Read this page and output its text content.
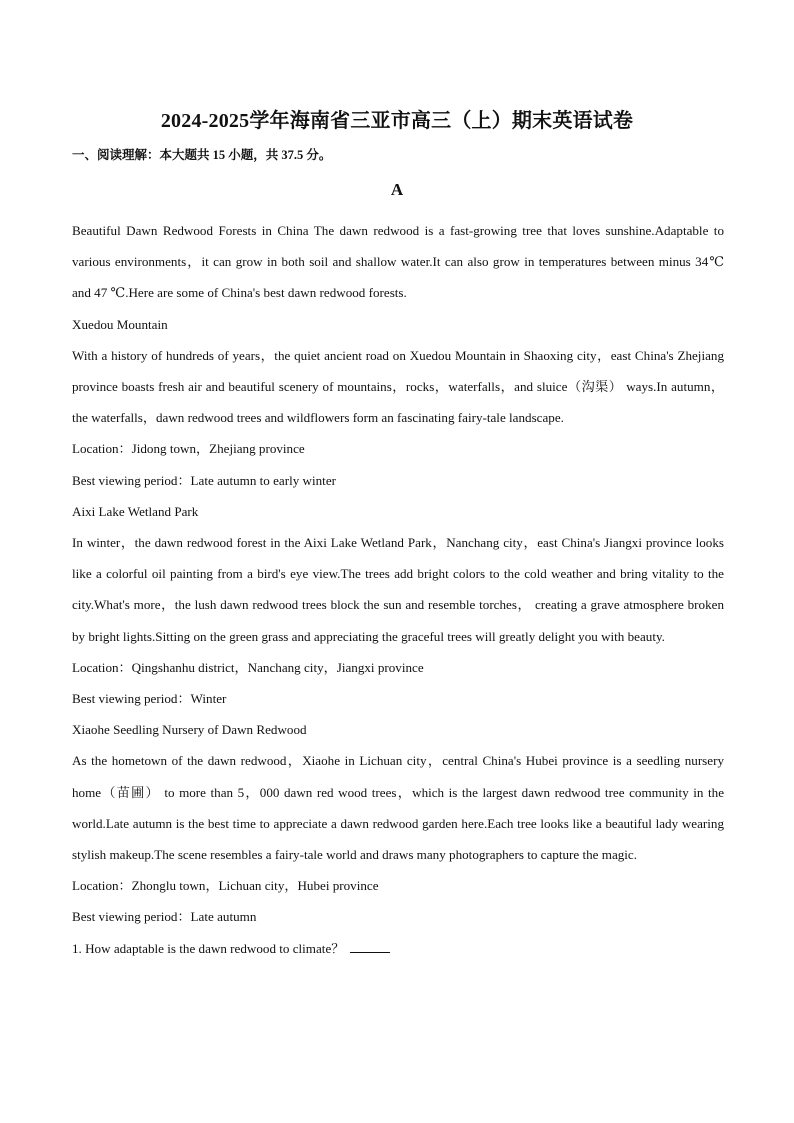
2024-2025学年海南省三亚市高三（上）期末英语试卷
一、阅读理解：本大题共 15 小题，共 37.5 分。
A

Beautiful Dawn Redwood Forests in China The dawn redwood is a fast-growing tree that loves sunshine.Adaptable to various environments，it can grow in both soil and shallow water.It can also grow in temperatures between minus 34℃ and 47 ℃.Here are some of China's best dawn redwood forests.

Xuedou Mountain

With a history of hundreds of years，the quiet ancient road on Xuedou Mountain in Shaoxing city，east China's Zhejiang province boasts fresh air and beautiful scenery of mountains，rocks，waterfalls，and sluice（沟渠） ways.In autumn，the waterfalls，dawn redwood trees and wildflowers form an fascinating fairy-tale landscape.

Location：Jidong town，Zhejiang province

Best viewing period：Late autumn to early winter

Aixi Lake Wetland Park

In winter，the dawn redwood forest in the Aixi Lake Wetland Park，Nanchang city，east China's Jiangxi province looks like a colorful oil painting from a bird's eye view.The trees add bright colors to the cold weather and bring vitality to the city.What's more，the lush dawn redwood trees block the sun and resemble torches， creating a grave atmosphere broken by bright lights.Sitting on the green grass and appreciating the graceful trees will greatly delight you with beauty.

Location：Qingshanhu district，Nanchang city，Jiangxi province

Best viewing period：Winter

Xiaohe Seedling Nursery of Dawn Redwood

As the hometown of the dawn redwood，Xiaohe in Lichuan city，central China's Hubei province is a seedling nursery home（苗圃） to more than 5，000 dawn red wood trees，which is the largest dawn redwood tree community in the world.Late autumn is the best time to appreciate a dawn redwood garden here.Each tree looks like a beautiful lady wearing stylish makeup.The scene resembles a fairy-tale world and draws many photographers to capture the magic.

Location：Zhonglu town，Lichuan city，Hubei province

Best viewing period：Late autumn

1. How adaptable is the dawn redwood to climate？
